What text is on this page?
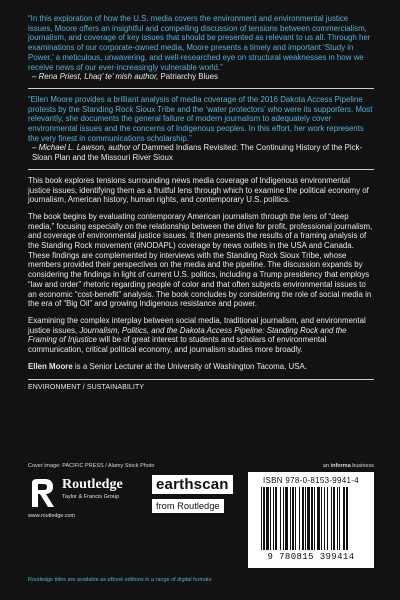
“In this exploration of how the U.S. media covers the environment and environmental justice issues, Moore offers an insightful and compelling discussion of tensions between commercialism, journalism, and coverage of key issues that should be presented as relevant to us all. Through her examinations of our corporate-owned media, Moore presents a timely and important ‘Study in Power,’ a meticulous, unwavering, and well-researched eye on structural weaknesses in how we receive news of our ever-increasingly vulnerable world.”

– Rena Priest, Lhaq’ te’ mish author, Patriarchy Blues

“Ellen Moore provides a brilliant analysis of media coverage of the 2016 Dakota Access Pipeline protests by the Standing Rock Sioux Tribe and the ‘water protectors’ who were its supporters. Most relevantly, she documents the general failure of modern journalism to adequately cover environmental issues and the concerns of Indigenous peoples. In this effort, her work represents the very finest in communications scholarship.”

– Michael L. Lawson, author of Dammed Indians Revisited: The Continuing History of the Pick-Sloan Plan and the Missouri River Sioux

This book explores tensions surrounding news media coverage of Indigenous environmental justice issues, identifying them as a fruitful lens through which to examine the political economy of journalism, American history, human rights, and contemporary U.S. politics.

The book begins by evaluating contemporary American journalism through the lens of “deep media,” focusing especially on the relationship between the drive for profit, professional journalism, and coverage of environmental justice issues. It then presents the results of a framing analysis of the Standing Rock movement (#NODAPL) coverage by news outlets in the USA and Canada. These findings are complemented by interviews with the Standing Rock Sioux Tribe, whose members provided their perspectives on the media and the pipeline. The discussion expands by considering the findings in light of current U.S. politics, including a Trump presidency that employs “law and order” rhetoric regarding people of color and that often subjects environmental issues to an economic “cost-benefit” analysis. The book concludes by considering the role of social media in the era of “Big Oil” and growing Indigenous resistance and power.

Examining the complex interplay between social media, traditional journalism, and environmental justice issues, Journalism, Politics, and the Dakota Access Pipeline: Standing Rock and the Framing of Injustice will be of great interest to students and scholars of environmental communication, critical political economy, and journalism studies more broadly.

Ellen Moore is a Senior Lecturer at the University of Washington Tacoma, USA.

ENVIRONMENT / SUSTAINABILITY

Cover image: PACIFIC PRESS / Alamy Stock Photo	an informa business
Routledge
Taylor & Francis Group
www.routledge.com
earthscan
from Routledge
ISBN 978-0-8153-9941-4
9 780815 399414
Routledge titles are available as eBook editions in a range of digital formats
